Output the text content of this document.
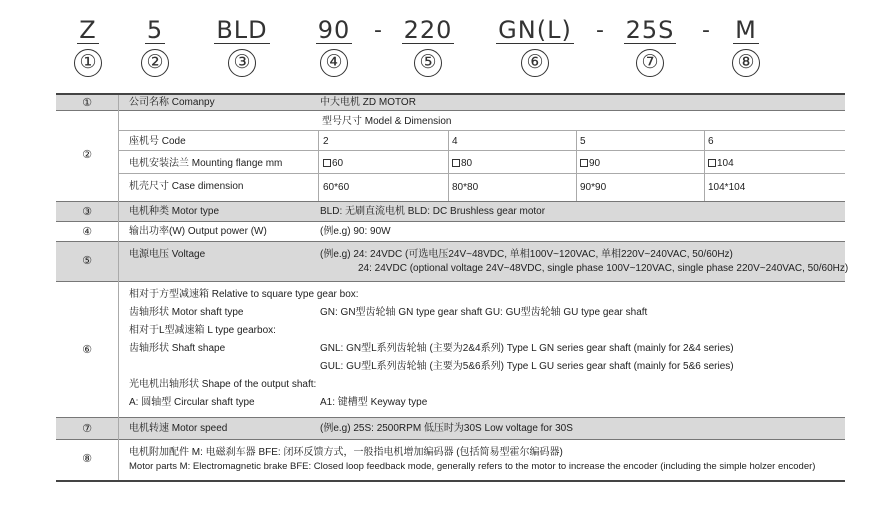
Z	5	BLD	90	- 220 GN(L) - 25S -	M
①	②	③	④	⑤	⑥	⑦	⑧
①	公司名称 Comanpy	中大电机 ZD MOTOR
②
型号尺寸 Model & Dimension
座机号 Code	2	4	5	6
电机安装法兰 Mounting flange mm	60	80	90	104
机壳尺寸 Case dimension	60*60	80*80	90*90	104*104
③	电机种类 Motor type	BLD: 无刷直流电机 BLD: DC Brushless gear motor
④	输出功率(W) Output power (W)	(例e.g) 90: 90W
⑤
电源电压 Voltage	(例e.g) 24: 24VDC (可选电压24V~48VDC, 单相100V~120VAC, 单相220V~240VAC, 50/60Hz)
24: 24VDC (optional voltage 24V~48VDC, single phase 100V~120VAC, single phase 220V~240VAC, 50/60Hz)
⑥
相对于方型减速箱 Relative to square type gear box:
齿轴形状 Motor shaft type	GN: GN型齿轮轴 GN type gear shaft GU: GU型齿轮轴 GU type gear shaft
相对于L型减速箱 L type gearbox:
齿轴形状 Shaft shape	GNL: GN型L系列齿轮轴 (主要为2&4系列) Type L GN series gear shaft (mainly for 2&4 series)
GUL: GU型L系列齿轮轴 (主要为5&6系列) Type L GU series gear shaft (mainly for 5&6 series)
光电机出轴形状 Shape of the output shaft:
A: 圆轴型 Circular shaft type	A1: 键槽型 Keyway type
⑦	电机转速 Motor speed	(例e.g) 25S: 2500RPM 低压时为30S Low voltage for 30S
⑧
电机附加配件 M: 电磁刹车器 BFE: 闭环反馈方式，一般指电机增加编码器 (包括简易型霍尔编码器)
Motor parts M: Electromagnetic brake BFE: Closed loop feedback mode, generally refers to the motor to increase the encoder (including the simple holzer encoder)
